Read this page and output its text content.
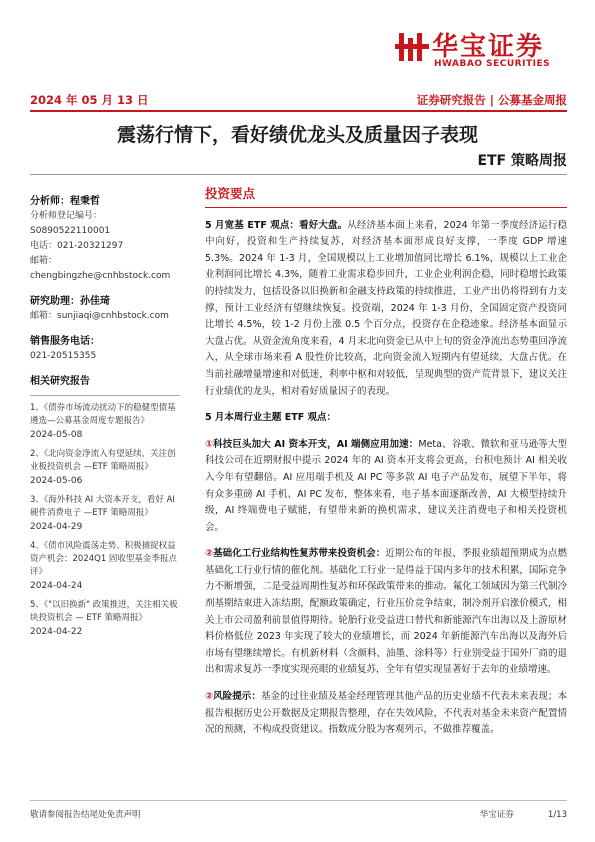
华宝证券
HWABAO SECURITIES
2024 年 05 月 13 日	证券研究报告 | 公募基金周报
震荡行情下，看好绩优龙头及质量因子表现
ETF 策略周报
分析师：程秉哲
分析师登记编号：S0890522110001
电话：021-20321297
邮箱：chengbingzhe@cnhbstock.com
研究助理：孙佳琦
邮箱：sunjiaqi@cnhbstock.com
销售服务电话：
021-20515355
相关研究报告
1、《债券市场流动扰动下的稳健型债基遴选—公募基金周度专题报告》
2024-05-08
2、《北向资金净流入有望延续，关注创业板投资机会 —ETF 策略周报》
2024-05-06
3、《海外科技 AI 大资本开支，看好 AI 硬件消费电子 —ETF 策略周报》
2024-04-29
4、《债市风险震荡走势、积极捕捉权益资产机会：2024Q1 固收型基金季报点评》
2024-04-24
5、《"以旧换新" 政策推进，关注相关板块投资机会 — ETF 策略周报》
2024-04-22
投资要点

5 月宽基 ETF 观点：看好大盘。从经济基本面上来看，2024 年第一季度经济运行稳中向好，投资和生产持续复苏，对经济基本面形成良好支撑，一季度 GDP 增速 5.3%。2024 年 1-3 月，全国规模以上工业增加值同比增长 6.1%，规模以上工业企业利润同比增长 4.3%，随着工业需求稳步回升，工业企业利润企稳，同时稳增长政策的持续发力，包括设备以旧换新和金融支持政策的持续推进，工业产出仍将得到有力支撑，预计工业经济有望继续恢复。投资端，2024 年 1-3 月份，全国固定资产投资同比增长 4.5%，较 1-2 月份上涨 0.5 个百分点，投资存在企稳迹象。经济基本面显示大盘占优。从资金流角度来看，4 月末北向资金已从中上旬的资金净流出态势重回净流入，从全球市场来看 A 股性价比较高，北向资金流入短期内有望延续，大盘占优。在当前社融增量增速和对低迷，利率中枢和对较低，呈现典型的资产荒背景下，建议关注行业绩优的龙头，相对看好质量因子的表现。

5 月本周行业主题 ETF 观点：

①科技巨头加大 AI 资本开支，AI 端侧应用加速：Meta、谷歌、微软和亚马逊等大型科技公司在近期财报中提示 2024 年的 AI 资本开支将会更高，台积电预计 AI 相关收入今年有望翻倍。AI 应用端手机及 AI PC 等多款 AI 电子产品发布，展望下半年，将有众多重磅 AI 手机、AI PC 发布，整体来看，电子基本面逐渐改善，AI 大模型持续升级，AI 终端费电子赋能，有望带来新的换机需求，建议关注消费电子和相关投资机会。

②基础化工行业结构性复苏带来投资机会：近期公布的年报、季报业绩超预期成为点燃基础化工行业行情的催化剂。基础化工行业一是得益于国内多年的技术积累，国际竞争力不断增强，二是受益周期性复苏和环保政策带来的推动。氟化工领域因为第三代制冷剂基期结束进入冻结期，配额政策确定，行业压价竞争结束，制冷剂开启涨价模式，相关上市公司盈利前景值得期待。轮胎行业受益进口替代和新能源汽车出海以及上游原材料价格低位 2023 年实现了较大的业绩增长，而 2024 年新能源汽车出海以及海外后市场有望继续增长。有机新材料（含颜料、油墨、涂料等）行业别受益于国外厂商的退出和需求复苏一季度实现亮眼的业绩复苏，全年有望实现显著好于去年的业绩增速。

②风险提示：基金的过往业绩及基金经理管理其他产品的历史业绩不代表未来表现；本报告根据历史公开数据及定期报告整理，存在失效风险，不代表对基金未来资产配置情况的预测，不构成投资建议。指数成分股为客观列示，不做推荐覆盖。

敬请参阅报告结尾处免责声明	华宝证券	1/13
